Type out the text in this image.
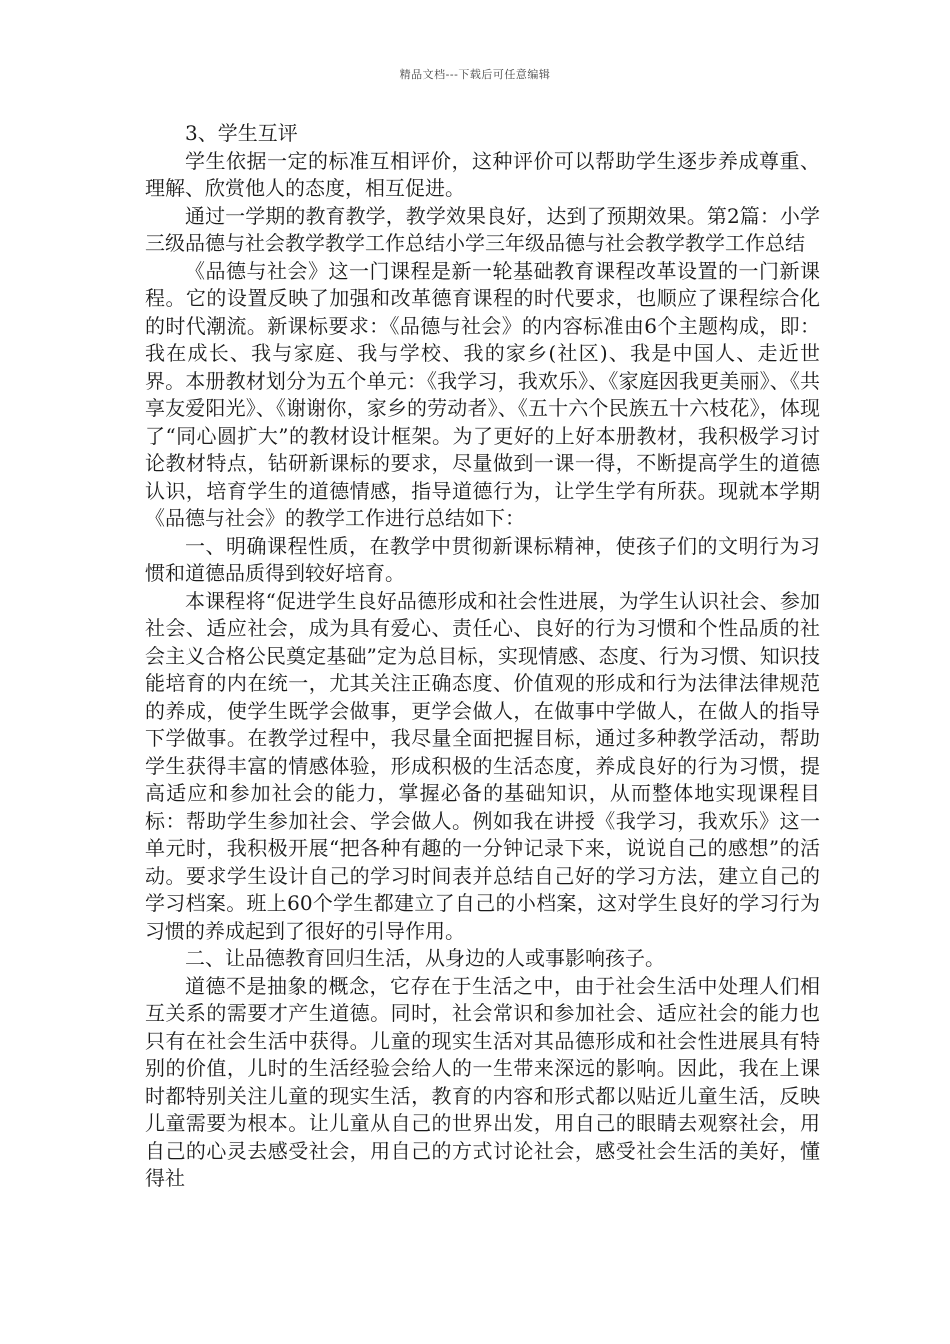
精品文档---下载后可任意编辑

3、学生互评

学生依据一定的标准互相评价，这种评价可以帮助学生逐步养成尊重、理解、欣赏他人的态度，相互促进。

通过一学期的教育教学，教学效果良好，达到了预期效果。第2篇：小学三级品德与社会教学教学工作总结小学三年级品德与社会教学教学工作总结

《品德与社会》这一门课程是新一轮基础教育课程改革设置的一门新课程。它的设置反映了加强和改革德育课程的时代要求，也顺应了课程综合化的时代潮流。新课标要求：《品德与社会》的内容标准由6个主题构成，即：我在成长、我与家庭、我与学校、我的家乡(社区)、我是中国人、走近世界。本册教材划分为五个单元：《我学习，我欢乐》、《家庭因我更美丽》、《共享友爱阳光》、《谢谢你，家乡的劳动者》、《五十六个民族五十六枝花》，体现了“同心圆扩大”的教材设计框架。为了更好的上好本册教材，我积极学习讨论教材特点，钻研新课标的要求，尽量做到一课一得，不断提高学生的道德认识，培育学生的道德情感，指导道德行为，让学生学有所获。现就本学期《品德与社会》的教学工作进行总结如下：

一、明确课程性质，在教学中贯彻新课标精神，使孩子们的文明行为习惯和道德品质得到较好培育。

本课程将“促进学生良好品德形成和社会性进展，为学生认识社会、参加社会、适应社会，成为具有爱心、责任心、良好的行为习惯和个性品质的社会主义合格公民奠定基础”定为总目标，实现情感、态度、行为习惯、知识技能培育的内在统一，尤其关注正确态度、价值观的形成和行为法律法律规范的养成，使学生既学会做事，更学会做人，在做事中学做人，在做人的指导下学做事。在教学过程中，我尽量全面把握目标，通过多种教学活动，帮助学生获得丰富的情感体验，形成积极的生活态度，养成良好的行为习惯，提高适应和参加社会的能力，掌握必备的基础知识，从而整体地实现课程目标：帮助学生参加社会、学会做人。例如我在讲授《我学习，我欢乐》这一单元时，我积极开展“把各种有趣的一分钟记录下来，说说自己的感想”的活动。要求学生设计自己的学习时间表并总结自己好的学习方法，建立自己的学习档案。班上60个学生都建立了自己的小档案，这对学生良好的学习行为习惯的养成起到了很好的引导作用。

二、让品德教育回归生活，从身边的人或事影响孩子。

道德不是抽象的概念，它存在于生活之中，由于社会生活中处理人们相互关系的需要才产生道德。同时，社会常识和参加社会、适应社会的能力也只有在社会生活中获得。儿童的现实生活对其品德形成和社会性进展具有特别的价值，儿时的生活经验会给人的一生带来深远的影响。因此，我在上课时都特别关注儿童的现实生活，教育的内容和形式都以贴近儿童生活，反映儿童需要为根本。让儿童从自己的世界出发，用自己的眼睛去观察社会，用自己的心灵去感受社会，用自己的方式讨论社会，感受社会生活的美好，懂得社
